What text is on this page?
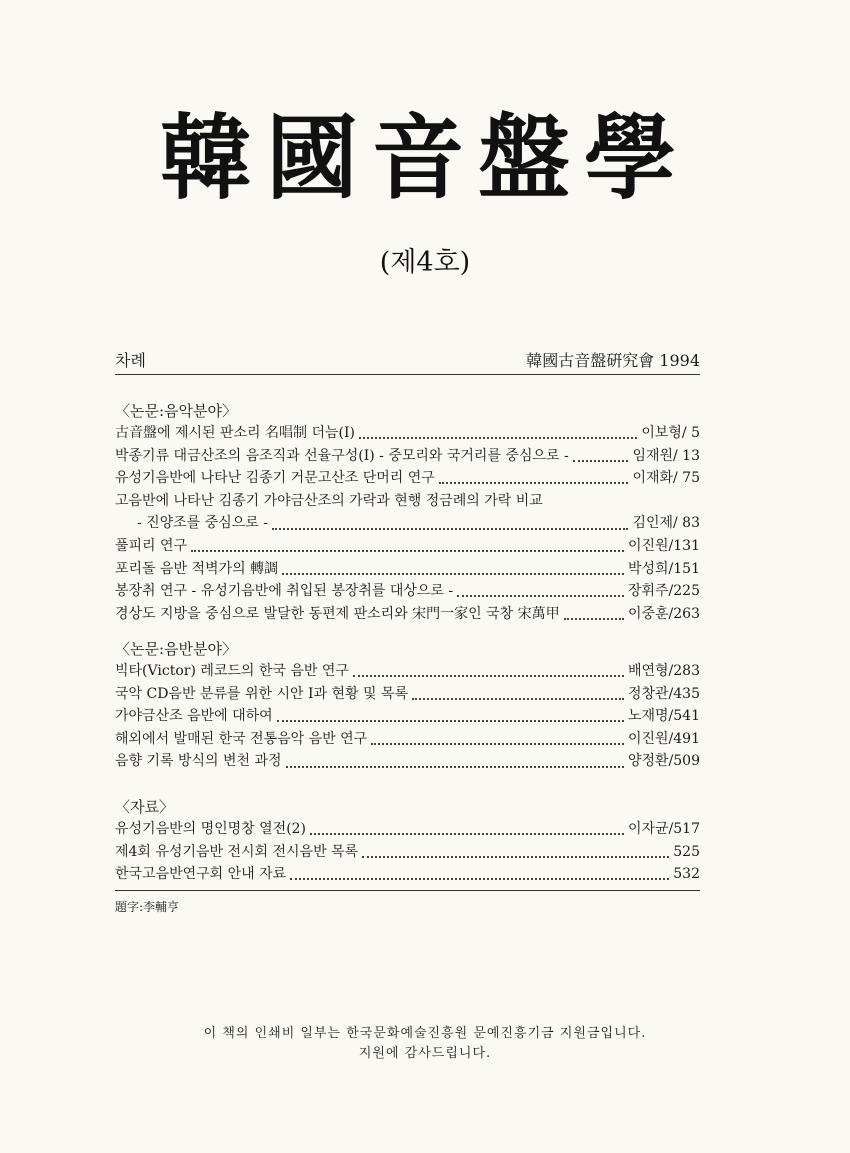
韓國音盤學
(제4호)
차례	韓國古音盤硏究會 1994
〈논문:음악분야〉
古音盤에 제시된 판소리 名唱制 더늠(Ⅰ)	이보형/ 5
박종기류 대금산조의 음조직과 선율구성(Ⅰ) - 중모리와 국거리를 중심으로 -	임재원/ 13
유성기음반에 나타난 김종기 거문고산조 단머리 연구	이재화/ 75
고음반에 나타난 김종기 가야금산조의 가락과 현행 정금례의 가락 비교
- 진양조를 중심으로 -	김인제/ 83
풀피리 연구	이진원/131
포리돌 음반 적벽가의 轉調	박성희/151
봉장취 연구 - 유성기음반에 취입된 봉장취를 대상으로 -	장휘주/225
경상도 지방을 중심으로 발달한 동편제 판소리와 宋門一家인 국창 宋萬甲	이중훈/263
〈논문:음반분야〉
빅타(Victor) 레코드의 한국 음반 연구	배연형/283
국악 CD음반 분류를 위한 시안 Ⅰ과 현황 및 목록	정창관/435
가야금산조 음반에 대하여	노재명/541
해외에서 발매된 한국 전통음악 음반 연구	이진원/491
음향 기록 방식의 변천 과정	양정환/509
〈자료〉
유성기음반의 명인명창 열전(2)	이자균/517
제4회 유성기음반 전시회 전시음반 목록	525
한국고음반연구회 안내 자료	532
題字:李輔亨
이 책의 인쇄비 일부는 한국문화예술진흥원 문예진흥기금 지원금입니다.
지원에 감사드립니다.
